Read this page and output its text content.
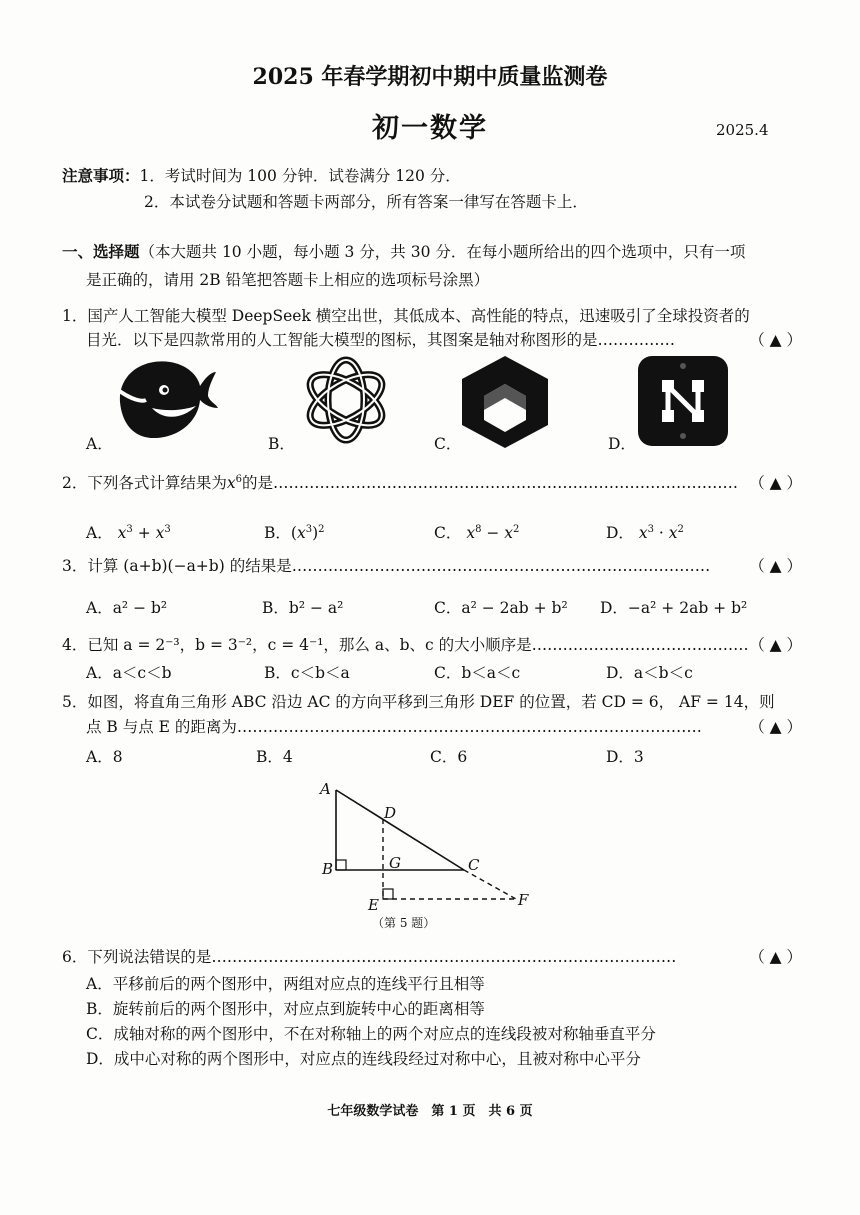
2025 年春学期初中期中质量监测卷
初一数学	2025.4
注意事项：1．考试时间为 100 分钟．试卷满分 120 分．
2．本试卷分试题和答题卡两部分，所有答案一律写在答题卡上．
一、选择题（本大题共 10 小题，每小题 3 分，共 30 分．在每小题所给出的四个选项中，只有一项
是正确的，请用 2B 铅笔把答题卡上相应的选项标号涂黑）
1．国产人工智能大模型 DeepSeek 横空出世，其低成本、高性能的特点，迅速吸引了全球投资者的
目光．以下是四款常用的人工智能大模型的图标，其图案是轴对称图形的是……………	（ ▲ ）
A．	B．	C．	D．
2．下列各式计算结果为$x^6$的是……………………………………………………………………………… （ ▲ ）
A． $x^3 + x^3$	B．$(x^3)^2$	C． $x^8 - x^2$	D． $x^3 \cdot x^2$
3．计算 (a+b)(−a+b) 的结果是………………………………………………………………………	（ ▲ ）
A．a² − b²	B．b² − a²	C．a² − 2ab + b² D．−a² + 2ab + b²
4．已知 a = 2⁻³，b = 3⁻²，c = 4⁻¹，那么 a、b、c 的大小顺序是…………………………………… （ ▲ ）
A．a＜c＜b	B．c＜b＜a	C．b＜a＜c	D．a＜b＜c
5．如图，将直角三角形 ABC 沿边 AC 的方向平移到三角形 DEF 的位置，若 CD = 6， AF = 14，则
点 B 与点 E 的距离为………………………………………………………………………………	（ ▲ ）
A．8	B．4	C．6	D．3
A
D
B	G	C
E	F
（第 5 题）
6．下列说法错误的是………………………………………………………………………………	（ ▲ ）
A．平移前后的两个图形中，两组对应点的连线平行且相等
B．旋转前后的两个图形中，对应点到旋转中心的距离相等
C．成轴对称的两个图形中，不在对称轴上的两个对应点的连线段被对称轴垂直平分
D．成中心对称的两个图形中，对应点的连线段经过对称中心，且被对称中心平分
七年级数学试卷　第 1 页　共 6 页
